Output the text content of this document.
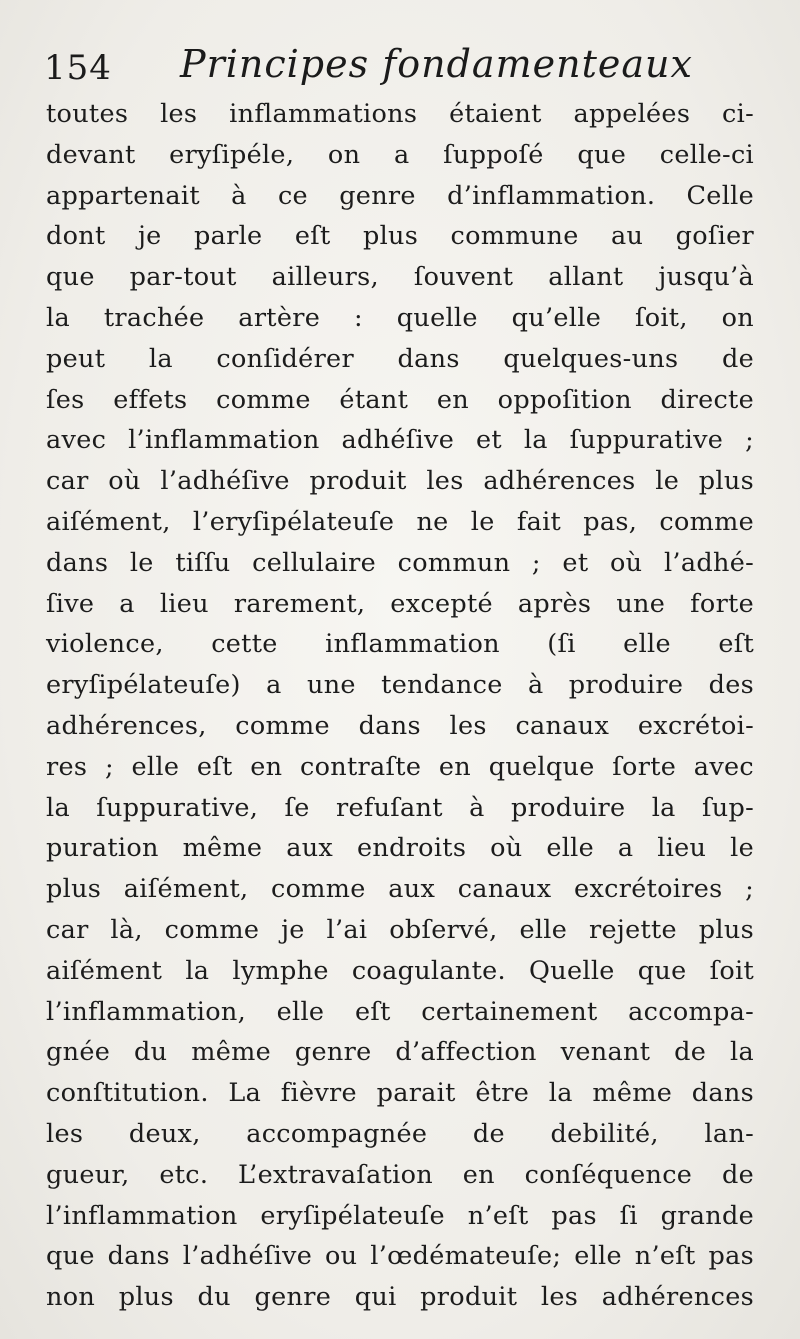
154 Principes fondamenteaux
toutes les inflammations étaient appelées ci-
devant eryſipéle, on a ſuppoſé que celle-ci
appartenait à ce genre d’inflammation. Celle
dont je parle eſt plus commune au goſier
que par-tout ailleurs, ſouvent allant jusqu’à
la trachée artère : quelle qu’elle ſoit, on
peut la conſidérer dans quelques-uns de
ſes effets comme étant en oppoſition directe
avec l’inflammation adhéſive et la ſuppurative ;
car où l’adhéſive produit les adhérences le plus
aiſément, l’eryſipélateuſe ne le fait pas, comme
dans le tiſſu cellulaire commun ; et où l’adhé-
ſive a lieu rarement, excepté après une forte
violence, cette inflammation (ſi elle eſt
eryſipélateuſe) a une tendance à produire des
adhérences, comme dans les canaux excrétoi-
res ; elle eſt en contraſte en quelque ſorte avec
la ſuppurative, ſe refuſant à produire la ſup-
puration même aux endroits où elle a lieu le
plus aiſément, comme aux canaux excrétoires ;
car là, comme je l’ai obſervé, elle rejette plus
aiſément la lymphe coagulante. Quelle que ſoit
l’inflammation, elle eſt certainement accompa-
gnée du même genre d’affection venant de la
conſtitution. La fièvre parait être la même dans
les deux, accompagnée de debilité, lan-
gueur, etc. L’extravaſation en conſéquence de
l’inflammation eryſipélateuſe n’eſt pas ſi grande
que dans l’adhéſive ou l’œdémateuſe; elle n’eſt pas
non plus du genre qui produit les adhérences
